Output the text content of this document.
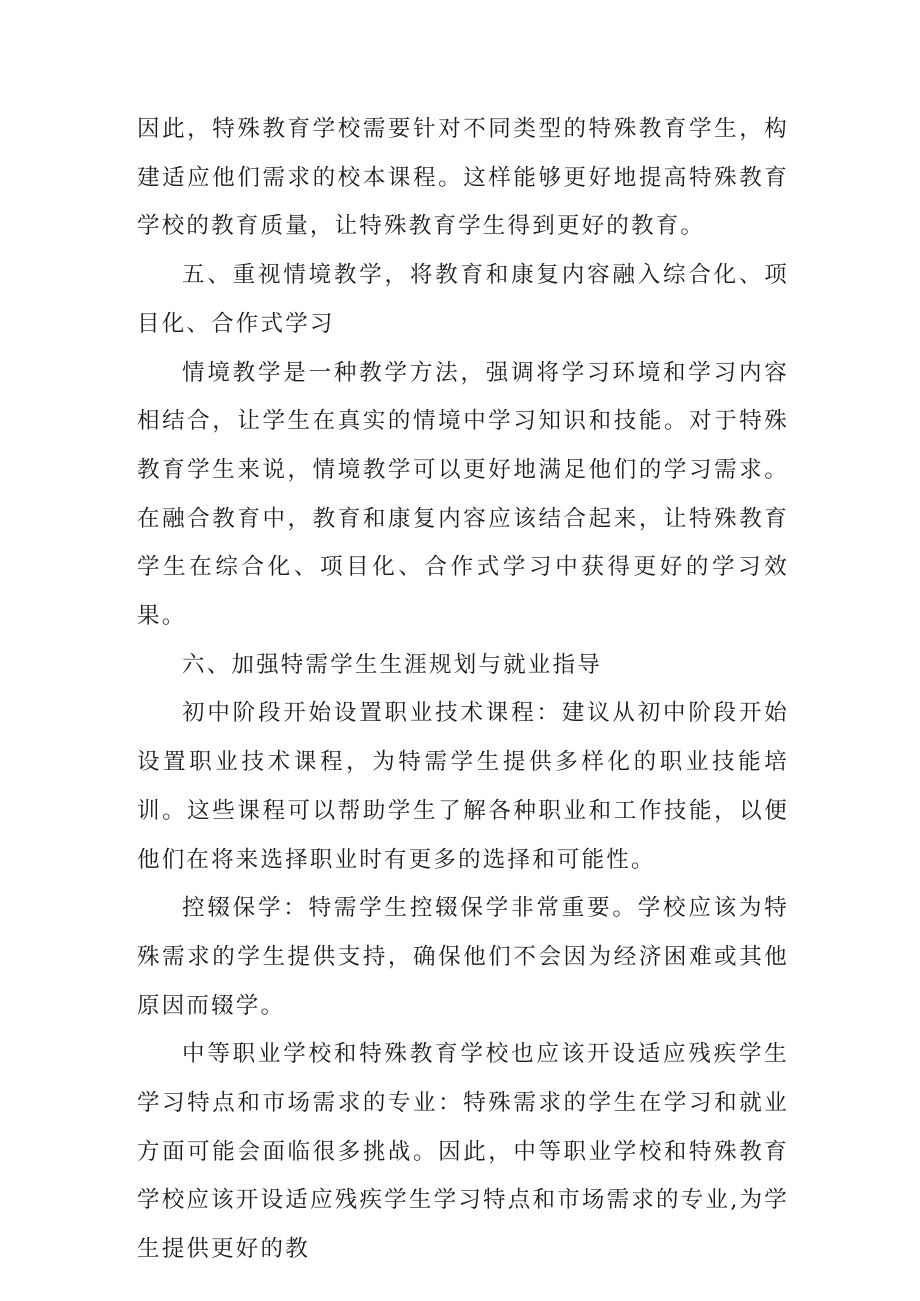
因此，特殊教育学校需要针对不同类型的特殊教育学生，构建适应他们需求的校本课程。这样能够更好地提高特殊教育学校的教育质量，让特殊教育学生得到更好的教育。

五、重视情境教学，将教育和康复内容融入综合化、项目化、合作式学习

情境教学是一种教学方法，强调将学习环境和学习内容相结合，让学生在真实的情境中学习知识和技能。对于特殊教育学生来说，情境教学可以更好地满足他们的学习需求。在融合教育中，教育和康复内容应该结合起来，让特殊教育学生在综合化、项目化、合作式学习中获得更好的学习效果。

六、加强特需学生生涯规划与就业指导

初中阶段开始设置职业技术课程：建议从初中阶段开始设置职业技术课程，为特需学生提供多样化的职业技能培训。这些课程可以帮助学生了解各种职业和工作技能，以便他们在将来选择职业时有更多的选择和可能性。

控辍保学：特需学生控辍保学非常重要。学校应该为特殊需求的学生提供支持，确保他们不会因为经济困难或其他原因而辍学。

中等职业学校和特殊教育学校也应该开设适应残疾学生学习特点和市场需求的专业：特殊需求的学生在学习和就业方面可能会面临很多挑战。因此，中等职业学校和特殊教育学校应该开设适应残疾学生学习特点和市场需求的专业,为学生提供更好的教
